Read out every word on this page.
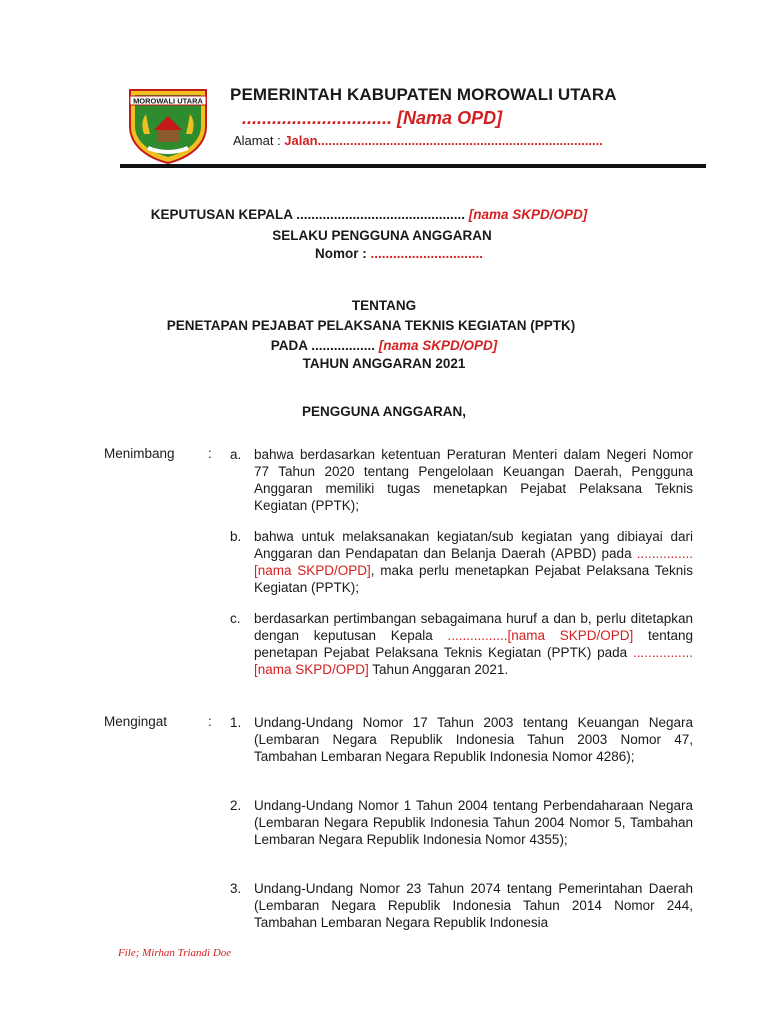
MOROWALI UTARA PEMERINTAH KABUPATEN MOROWALI UTARA
.............................. [Nama OPD]
Alamat : Jalan...............................................................................
KEPUTUSAN KEPALA ............................................. [nama SKPD/OPD]
SELAKU PENGGUNA ANGGARAN
Nomor : ..............................
TENTANG
PENETAPAN PEJABAT PELAKSANA TEKNIS KEGIATAN (PPTK)
PADA ................. [nama SKPD/OPD]
TAHUN ANGGARAN 2021
PENGGUNA ANGGARAN,
Menimbang : a. bahwa berdasarkan ketentuan Peraturan Menteri dalam Negeri Nomor 77 Tahun 2020 tentang Pengelolaan Keuangan Daerah, Pengguna Anggaran memiliki tugas menetapkan Pejabat Pelaksana Teknis Kegiatan (PPTK);
b. bahwa untuk melaksanakan kegiatan/sub kegiatan yang dibiayai dari Anggaran dan Pendapatan dan Belanja Daerah (APBD) pada ...............[nama SKPD/OPD], maka perlu menetapkan Pejabat Pelaksana Teknis Kegiatan (PPTK);
c. berdasarkan pertimbangan sebagaimana huruf a dan b, perlu ditetapkan dengan keputusan Kepala ................[nama SKPD/OPD] tentang penetapan Pejabat Pelaksana Teknis Kegiatan (PPTK) pada ................[nama SKPD/OPD] Tahun Anggaran 2021.
Mengingat	: 1. Undang-Undang Nomor 17 Tahun 2003 tentang Keuangan Negara (Lembaran Negara Republik Indonesia Tahun 2003 Nomor 47, Tambahan Lembaran Negara Republik Indonesia Nomor 4286);
2. Undang-Undang Nomor 1 Tahun 2004 tentang Perbendaharaan Negara (Lembaran Negara Republik Indonesia Tahun 2004 Nomor 5, Tambahan Lembaran Negara Republik Indonesia Nomor 4355);
3. Undang-Undang Nomor 23 Tahun 2074 tentang Pemerintahan Daerah (Lembaran Negara Republik Indonesia Tahun 2014 Nomor 244, Tambahan Lembaran Negara Republik Indonesia
File; Mirhan Triandi Doe
